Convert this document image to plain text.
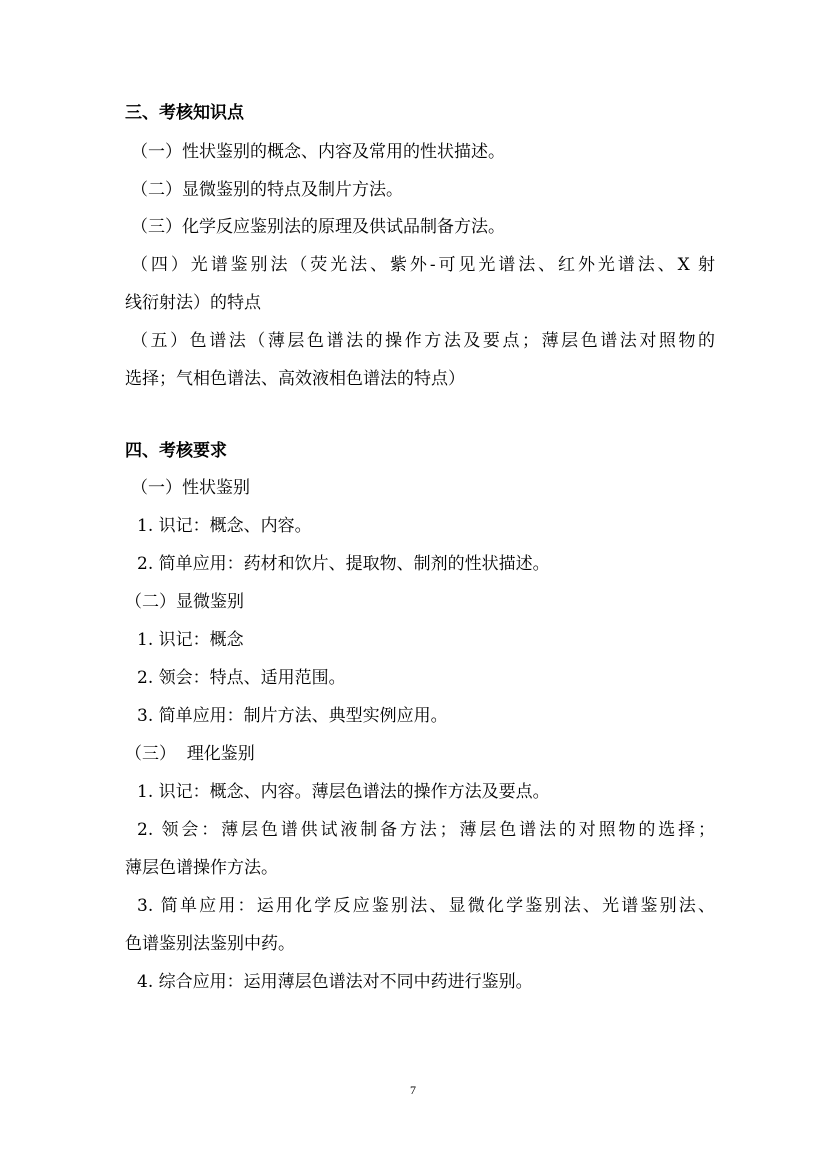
三、考核知识点
（一）性状鉴别的概念、内容及常用的性状描述。
（二）显微鉴别的特点及制片方法。
（三）化学反应鉴别法的原理及供试品制备方法。
（四）光谱鉴别法（荧光法、紫外-可见光谱法、红外光谱法、X 射
线衍射法）的特点
（五）色谱法（薄层色谱法的操作方法及要点；薄层色谱法对照物的
选择；气相色谱法、高效液相色谱法的特点）
四、考核要求
（一）性状鉴别
1. 识记：概念、内容。
2. 简单应用：药材和饮片、提取物、制剂的性状描述。
（二）显微鉴别
1. 识记：概念
2. 领会：特点、适用范围。
3. 简单应用：制片方法、典型实例应用。
（三）  理化鉴别
1. 识记：概念、内容。薄层色谱法的操作方法及要点。
2. 领会：薄层色谱供试液制备方法；薄层色谱法的对照物的选择；
薄层色谱操作方法。
3. 简单应用：运用化学反应鉴别法、显微化学鉴别法、光谱鉴别法、
色谱鉴别法鉴别中药。
4. 综合应用：运用薄层色谱法对不同中药进行鉴别。
7
